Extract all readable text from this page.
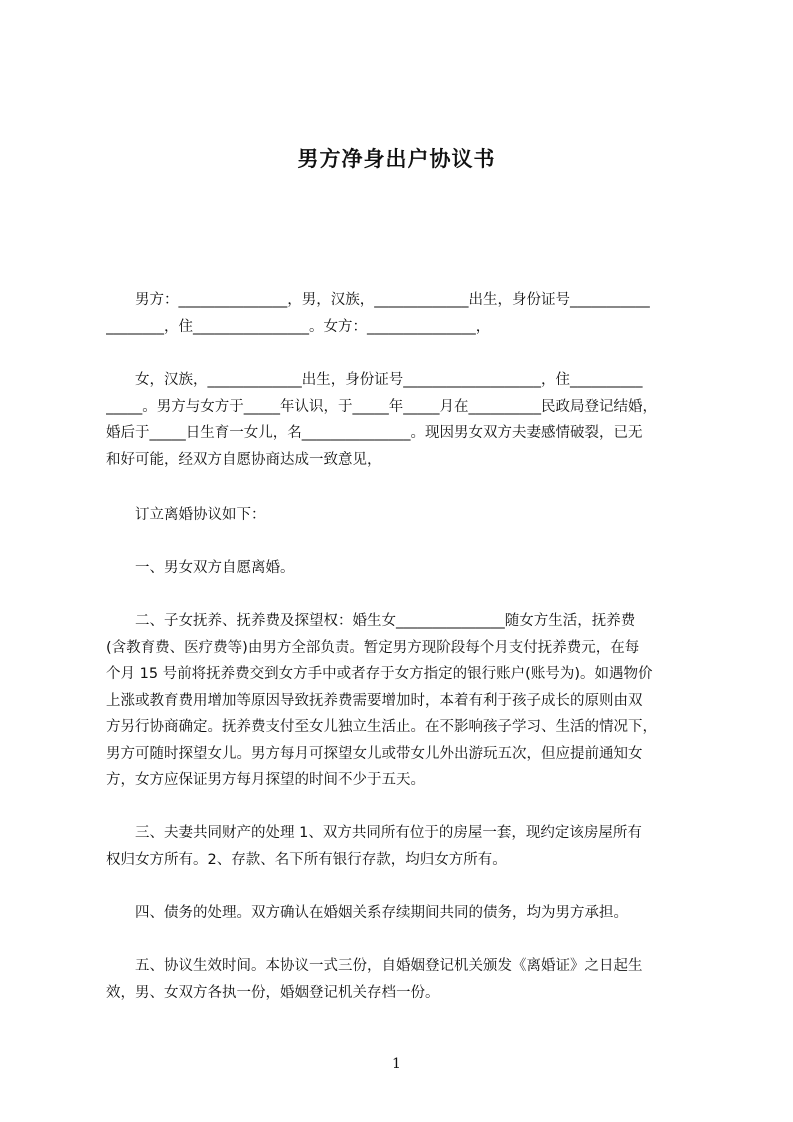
男方净身出户协议书

　　男方：_______________，男，汉族，_____________出生，身份证号___________
________，住________________。女方：_______________，

　　女，汉族，_____________出生，身份证号___________________，住__________
_____。男方与女方于_____年认识，于_____年_____月在__________民政局登记结婚，
婚后于_____日生育一女儿，名_______________。现因男女双方夫妻感情破裂，已无
和好可能，经双方自愿协商达成一致意见，

　　订立离婚协议如下：

　　一、男女双方自愿离婚。

　　二、子女抚养、抚养费及探望权：婚生女_______________随女方生活，抚养费
(含教育费、医疗费等)由男方全部负责。暂定男方现阶段每个月支付抚养费元，在每
个月 15 号前将抚养费交到女方手中或者存于女方指定的银行账户(账号为)。如遇物价
上涨或教育费用增加等原因导致抚养费需要增加时，本着有利于孩子成长的原则由双
方另行协商确定。抚养费支付至女儿独立生活止。在不影响孩子学习、生活的情况下，
男方可随时探望女儿。男方每月可探望女儿或带女儿外出游玩五次，但应提前通知女
方，女方应保证男方每月探望的时间不少于五天。

　　三、夫妻共同财产的处理 1、双方共同所有位于的房屋一套，现约定该房屋所有
权归女方所有。2、存款、名下所有银行存款，均归女方所有。

　　四、债务的处理。双方确认在婚姻关系存续期间共同的债务，均为男方承担。

　　五、协议生效时间。本协议一式三份，自婚姻登记机关颁发《离婚证》之日起生
效，男、女双方各执一份，婚姻登记机关存档一份。

1
